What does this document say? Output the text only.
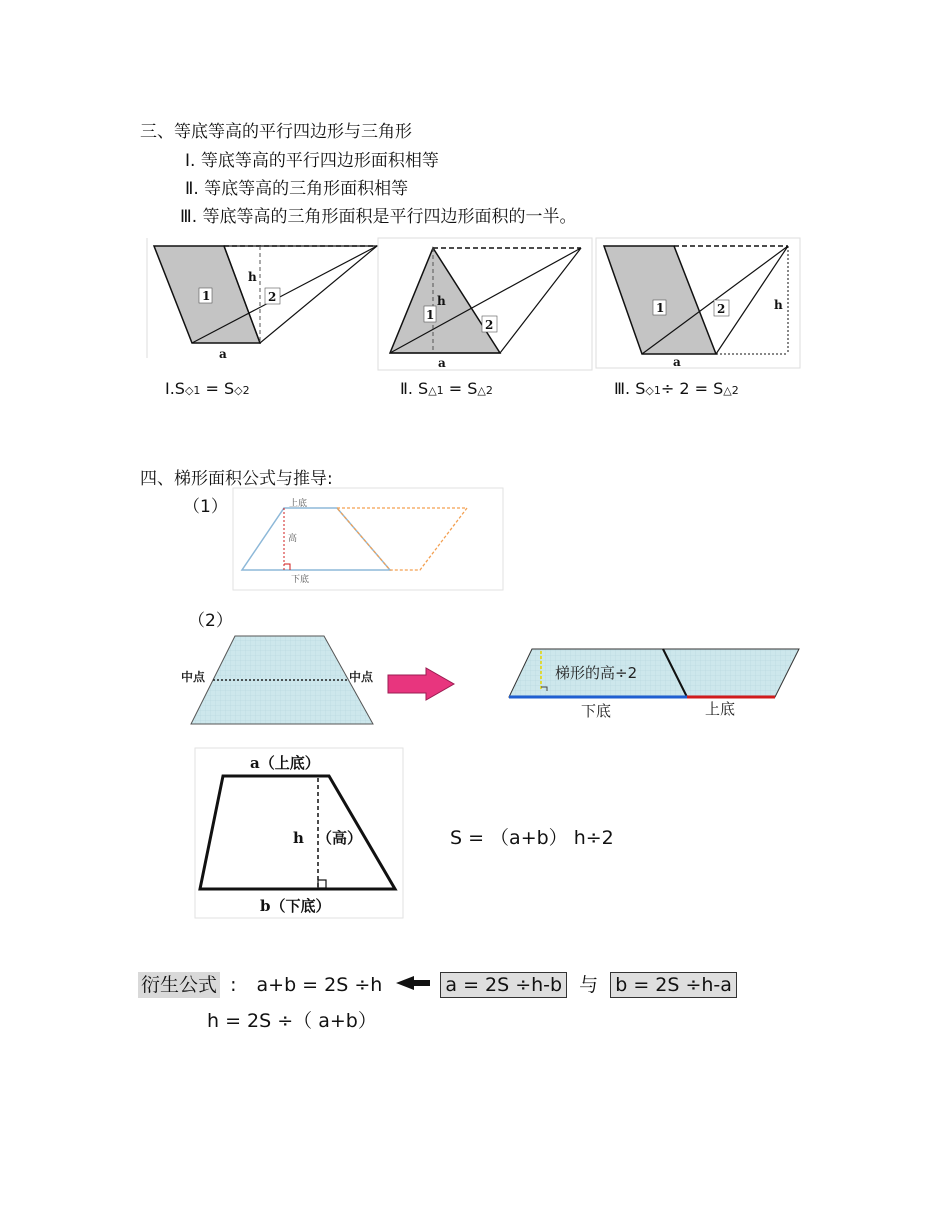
三、等底等高的平行四边形与三角形
Ⅰ. 等底等高的平行四边形面积相等
Ⅱ. 等底等高的三角形面积相等
Ⅲ. 等底等高的三角形面积是平行四边形面积的一半。
h
1	2
a
h
1
2
a
h
1	2
a
Ⅰ.S◇1 = S◇2	Ⅱ. S△1 = S△2	Ⅲ. S◇1÷ 2 = S△2
四、梯形面积公式与推导:
（1）	上底
高
下底
（2）
中点	中点	梯形的高÷2
下底	上底
a（上底）
h （高）
b（下底）
S = （a+b） h÷2
衍生公式 : a+b = 2S ÷h	a = 2S ÷h-b 与 b = 2S ÷h-a
h = 2S ÷（ a+b）
